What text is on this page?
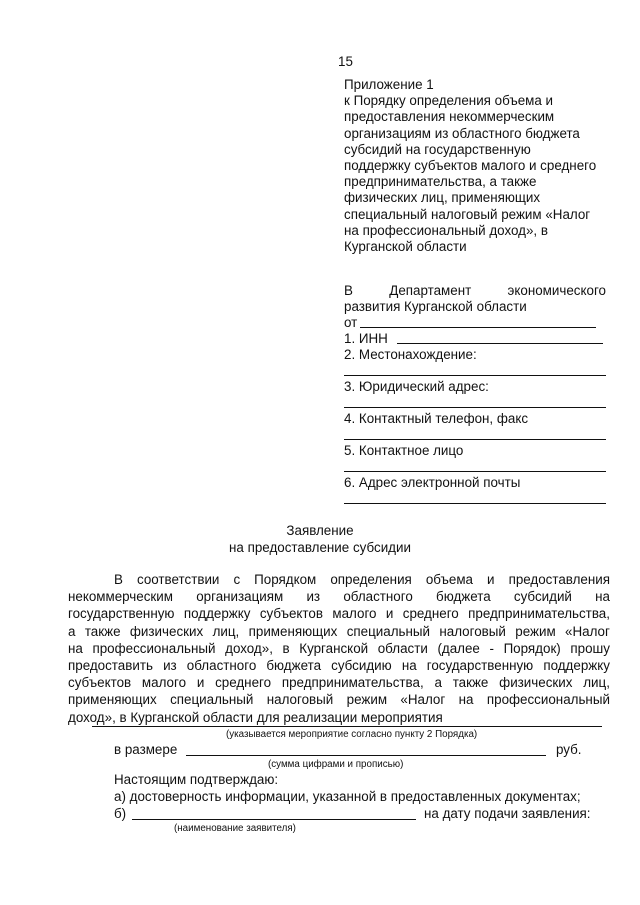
15
Приложение 1
к Порядку определения объема и
предоставления некоммерческим
организациям из областного бюджета
субсидий на государственную
поддержку субъектов малого и среднего
предпринимательства, а также
физических лиц, применяющих
специальный налоговый режим «Налог
на профессиональный доход», в
Курганской области
В	Департамент	экономического
развития Курганской области
от
1. ИНН
2. Местонахождение:
3. Юридический адрес:
4. Контактный телефон, факс
5. Контактное лицо
6. Адрес электронной почты
Заявление
на предоставление субсидии
В соответствии с Порядком определения объема и предоставления
некоммерческим организациям из областного бюджета субсидий на
государственную поддержку субъектов малого и среднего предпринимательства,
а также физических лиц, применяющих специальный налоговый режим «Налог
на профессиональный доход», в Курганской области (далее - Порядок) прошу
предоставить из областного бюджета субсидию на государственную поддержку
субъектов малого и среднего предпринимательства, а также физических лиц,
применяющих специальный налоговый режим «Налог на профессиональный
доход», в Курганской области для реализации мероприятия
(указывается мероприятие согласно пункту 2 Порядка)
в размере	руб.
(сумма цифрами и прописью)
Настоящим подтверждаю:
а) достоверность информации, указанной в предоставленных документах;
б)	на дату подачи заявления:
(наименование заявителя)
